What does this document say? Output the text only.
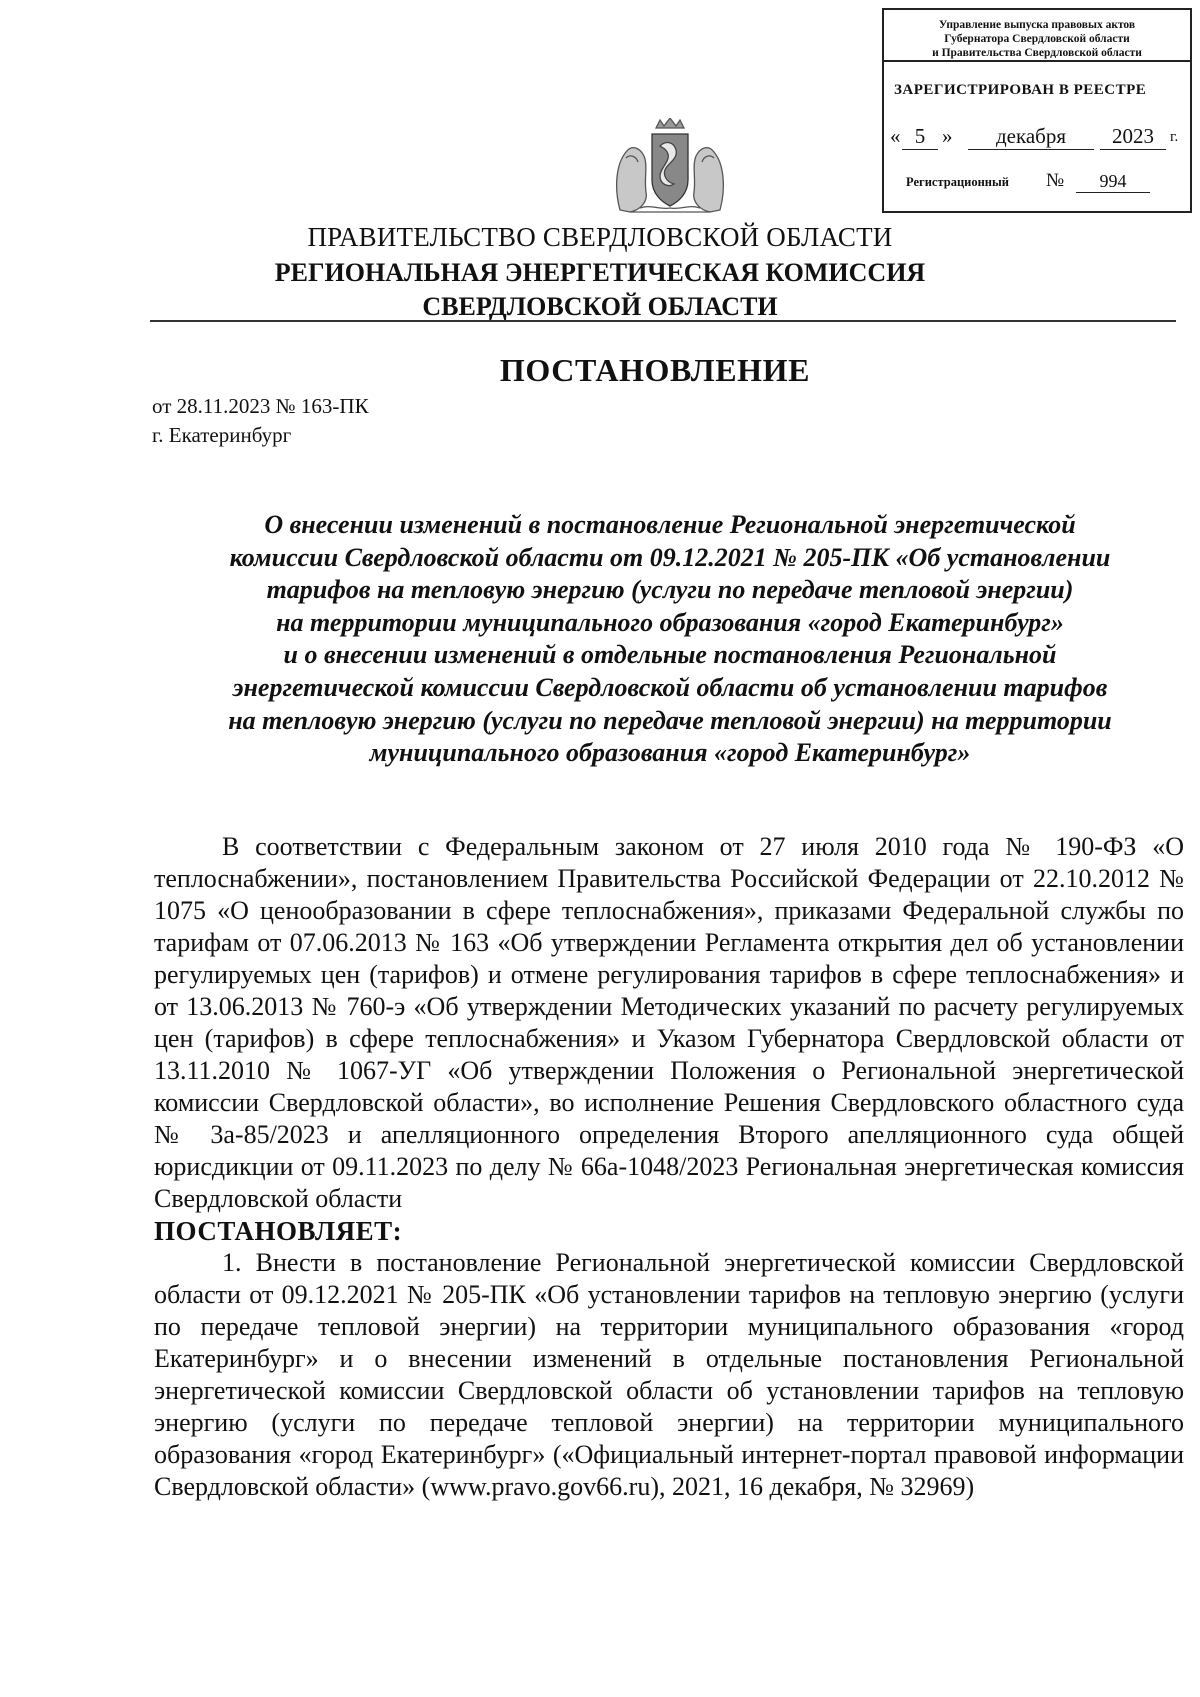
Управление выпуска правовых актов
Губернатора Свердловской области
и Правительства Свердловской области
ЗАРЕГИСТРИРОВАН В РЕЕСТРЕ
« 5 »	декабря	2023	г.
Регистрационный №	994
ПРАВИТЕЛЬСТВО СВЕРДЛОВСКОЙ ОБЛАСТИ
РЕГИОНАЛЬНАЯ ЭНЕРГЕТИЧЕСКАЯ КОМИССИЯ
СВЕРДЛОВСКОЙ ОБЛАСТИ
ПОСТАНОВЛЕНИЕ
от 28.11.2023 № 163-ПК
г. Екатеринбург
О внесении изменений в постановление Региональной энергетической
комиссии Свердловской области от 09.12.2021 № 205-ПК «Об установлении
тарифов на тепловую энергию (услуги по передаче тепловой энергии)
на территории муниципального образования «город Екатеринбург»
и о внесении изменений в отдельные постановления Региональной
энергетической комиссии Свердловской области об установлении тарифов
на тепловую энергию (услуги по передаче тепловой энергии) на территории
муниципального образования «город Екатеринбург»

В соответствии с Федеральным законом от 27 июля 2010 года № 190-ФЗ «О теплоснабжении», постановлением Правительства Российской Федерации от 22.10.2012 № 1075 «О ценообразовании в сфере теплоснабжения», приказами Федеральной службы по тарифам от 07.06.2013 № 163 «Об утверждении Регламента открытия дел об установлении регулируемых цен (тарифов) и отмене регулирования тарифов в сфере теплоснабжения» и от 13.06.2013 № 760-э «Об утверждении Методических указаний по расчету регулируемых цен (тарифов) в сфере теплоснабжения» и Указом Губернатора Свердловской области от 13.11.2010 № 1067-УГ «Об утверждении Положения о Региональной энергетической комиссии Свердловской области», во исполнение Решения Свердловского областного суда № 3а-85/2023 и апелляционного определения Второго апелляционного суда общей юрисдикции от 09.11.2023 по делу № 66а-1048/2023 Региональная энергетическая комиссия Свердловской области

ПОСТАНОВЛЯЕТ:

1. Внести в постановление Региональной энергетической комиссии Свердловской области от 09.12.2021 № 205-ПК «Об установлении тарифов на тепловую энергию (услуги по передаче тепловой энергии) на территории муниципального образования «город Екатеринбург» и о внесении изменений в отдельные постановления Региональной энергетической комиссии Свердловской области об установлении тарифов на тепловую энергию (услуги по передаче тепловой энергии) на территории муниципального образования «город Екатеринбург» («Официальный интернет-портал правовой информации Свердловской области» (www.pravo.gov66.ru), 2021, 16 декабря, № 32969)
